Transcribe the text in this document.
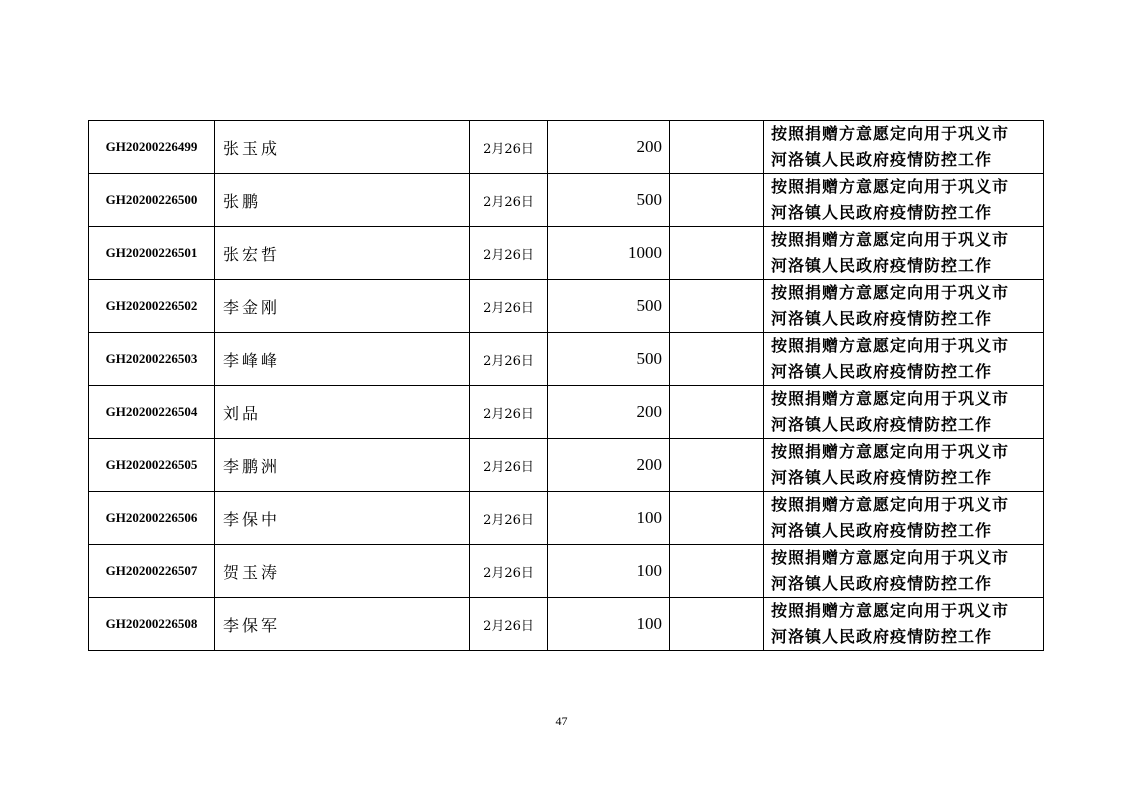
GH20200226499	张玉成	2月26日	200		按照捐赠方意愿定向用于巩义市
河洛镇人民政府疫情防控工作

GH20200226500	张鹏	2月26日	500		按照捐赠方意愿定向用于巩义市
河洛镇人民政府疫情防控工作

GH20200226501	张宏哲	2月26日	1000		按照捐赠方意愿定向用于巩义市
河洛镇人民政府疫情防控工作

GH20200226502	李金刚	2月26日	500		按照捐赠方意愿定向用于巩义市
河洛镇人民政府疫情防控工作

GH20200226503	李峰峰	2月26日	500		按照捐赠方意愿定向用于巩义市
河洛镇人民政府疫情防控工作

GH20200226504	刘品	2月26日	200		按照捐赠方意愿定向用于巩义市
河洛镇人民政府疫情防控工作

GH20200226505	李鹏洲	2月26日	200		按照捐赠方意愿定向用于巩义市
河洛镇人民政府疫情防控工作

GH20200226506	李保中	2月26日	100		按照捐赠方意愿定向用于巩义市
河洛镇人民政府疫情防控工作

GH20200226507	贺玉涛	2月26日	100		按照捐赠方意愿定向用于巩义市
河洛镇人民政府疫情防控工作

GH20200226508	李保军	2月26日	100		按照捐赠方意愿定向用于巩义市
河洛镇人民政府疫情防控工作
47
